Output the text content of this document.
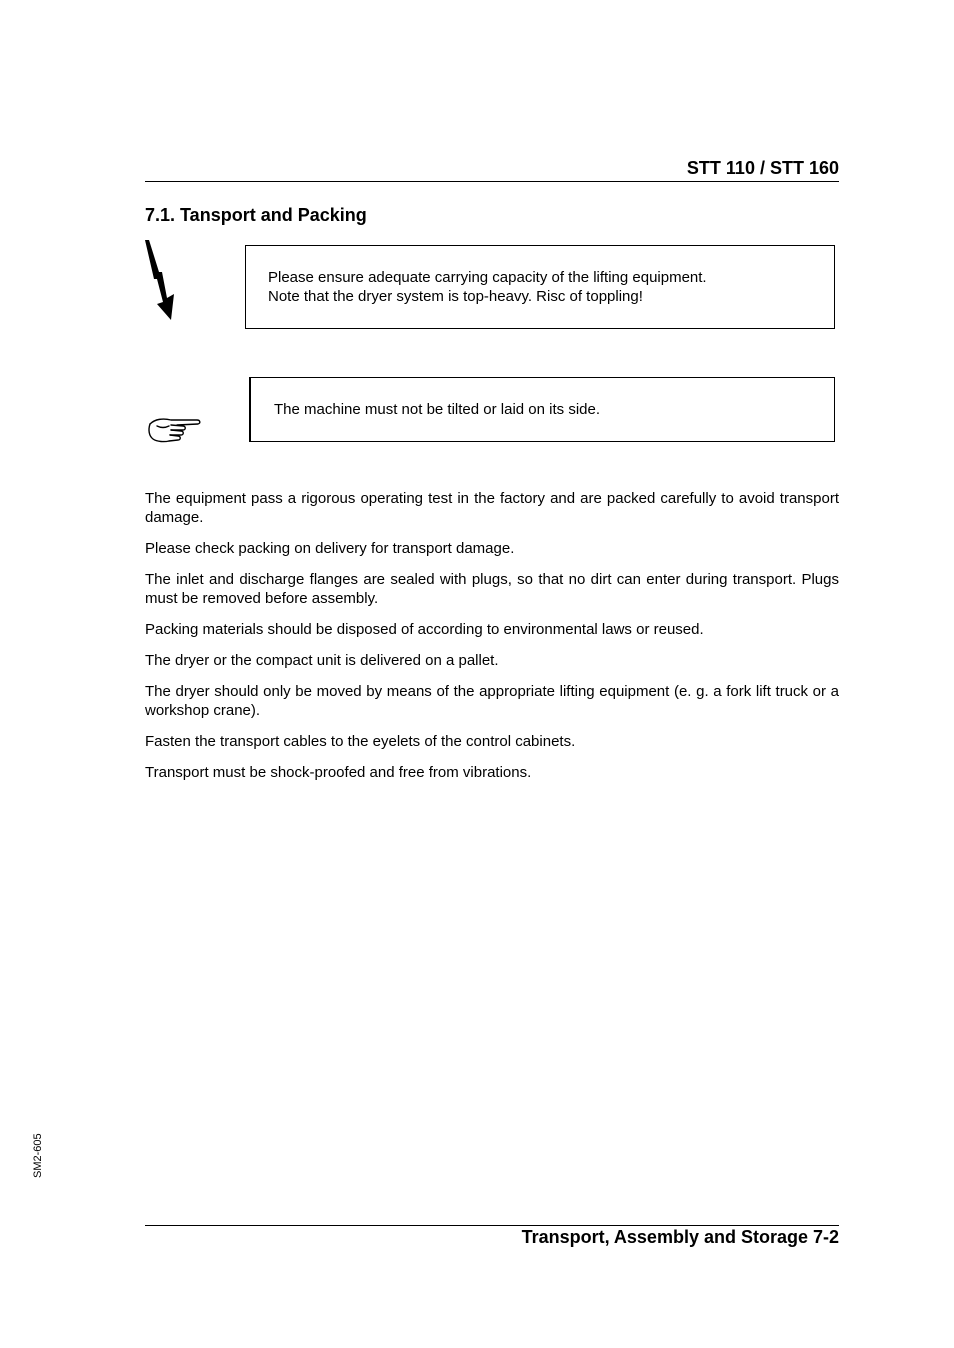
STT 110 / STT 160
7.1. Tansport and Packing

Please ensure adequate carrying capacity of the lifting equipment.

Note that the dryer system is top-heavy. Risc of toppling!

The machine must not be tilted or laid on its side.

The equipment pass a rigorous operating test in the factory and are packed carefully to avoid transport damage.

Please check packing on delivery for transport damage.

The inlet and discharge flanges are sealed with plugs, so that no dirt can enter during transport. Plugs must be removed before assembly.

Packing materials should be disposed of according to environmental laws or reused.

The dryer or the compact unit is delivered on a pallet.

The dryer should only be moved by means of the appropriate lifting equipment (e. g. a fork lift truck or a workshop crane).

Fasten the transport cables to the eyelets of the control cabinets.

Transport must be shock-proofed and free from vibrations.

SM2-605
Transport, Assembly and Storage 7-2
